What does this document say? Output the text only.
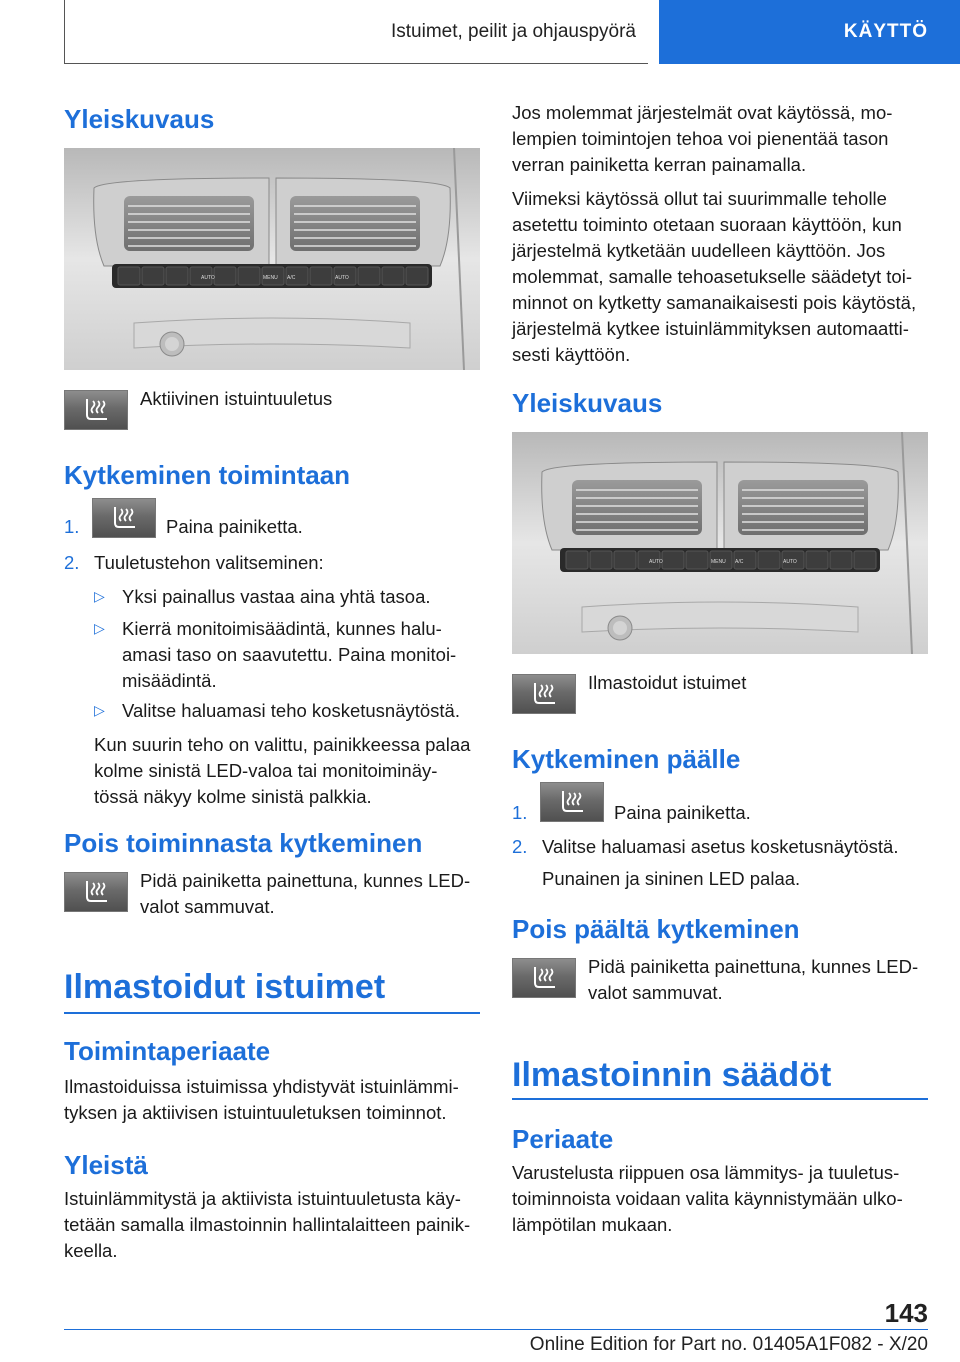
Istuimet, peilit ja ohjauspyörä	KÄYTTÖ
Yleiskuvaus
AUTO	MENU A/C	AUTO
Aktiivinen istuintuuletus
Kytkeminen toimintaan
1.	Paina painiketta.
2. Tuuletustehon valitseminen:
▷ Yksi painallus vastaa aina yhtä tasoa.
▷ Kierrä monitoimisäädintä, kunnes halu‐
amasi taso on saavutettu. Paina monitoi‐
misäädintä.
▷ Valitse haluamasi teho kosketusnäytöstä.
Kun suurin teho on valittu, painikkeessa palaa
kolme sinistä LED-valoa tai monitoiminäy‐
tössä näkyy kolme sinistä palkkia.
Pois toiminnasta kytkeminen
Pidä painiketta painettuna, kunnes LED-
valot sammuvat.
Ilmastoidut istuimet
Toimintaperiaate
Ilmastoiduissa istuimissa yhdistyvät istuinlämmi‐
tyksen ja aktiivisen istuintuuletuksen toiminnot.
Yleistä
Istuinlämmitystä ja aktiivista istuintuuletusta käy‐
tetään samalla ilmastoinnin hallintalaitteen painik‐
keella.
Jos molemmat järjestelmät ovat käytössä, mo‐
lempien toimintojen tehoa voi pienentää tason
verran painiketta kerran painamalla.
Viimeksi käytössä ollut tai suurimmalle teholle
asetettu toiminto otetaan suoraan käyttöön, kun
järjestelmä kytketään uudelleen käyttöön. Jos
molemmat, samalle tehoasetukselle säädetyt toi‐
minnot on kytketty samanaikaisesti pois käytöstä,
järjestelmä kytkee istuinlämmityksen automaatti‐
sesti käyttöön.
Yleiskuvaus
AUTO	MENU A/C	AUTO
Ilmastoidut istuimet
Kytkeminen päälle
1.	Paina painiketta.
2. Valitse haluamasi asetus kosketusnäytöstä.
Punainen ja sininen LED palaa.
Pois päältä kytkeminen
Pidä painiketta painettuna, kunnes LED-
valot sammuvat.
Ilmastoinnin säädöt
Periaate
Varustelusta riippuen osa lämmitys- ja tuuletus-
toiminnoista voidaan valita käynnistymään ulko‐
lämpötilan mukaan.
143
Online Edition for Part no. 01405A1F082 - X/20
